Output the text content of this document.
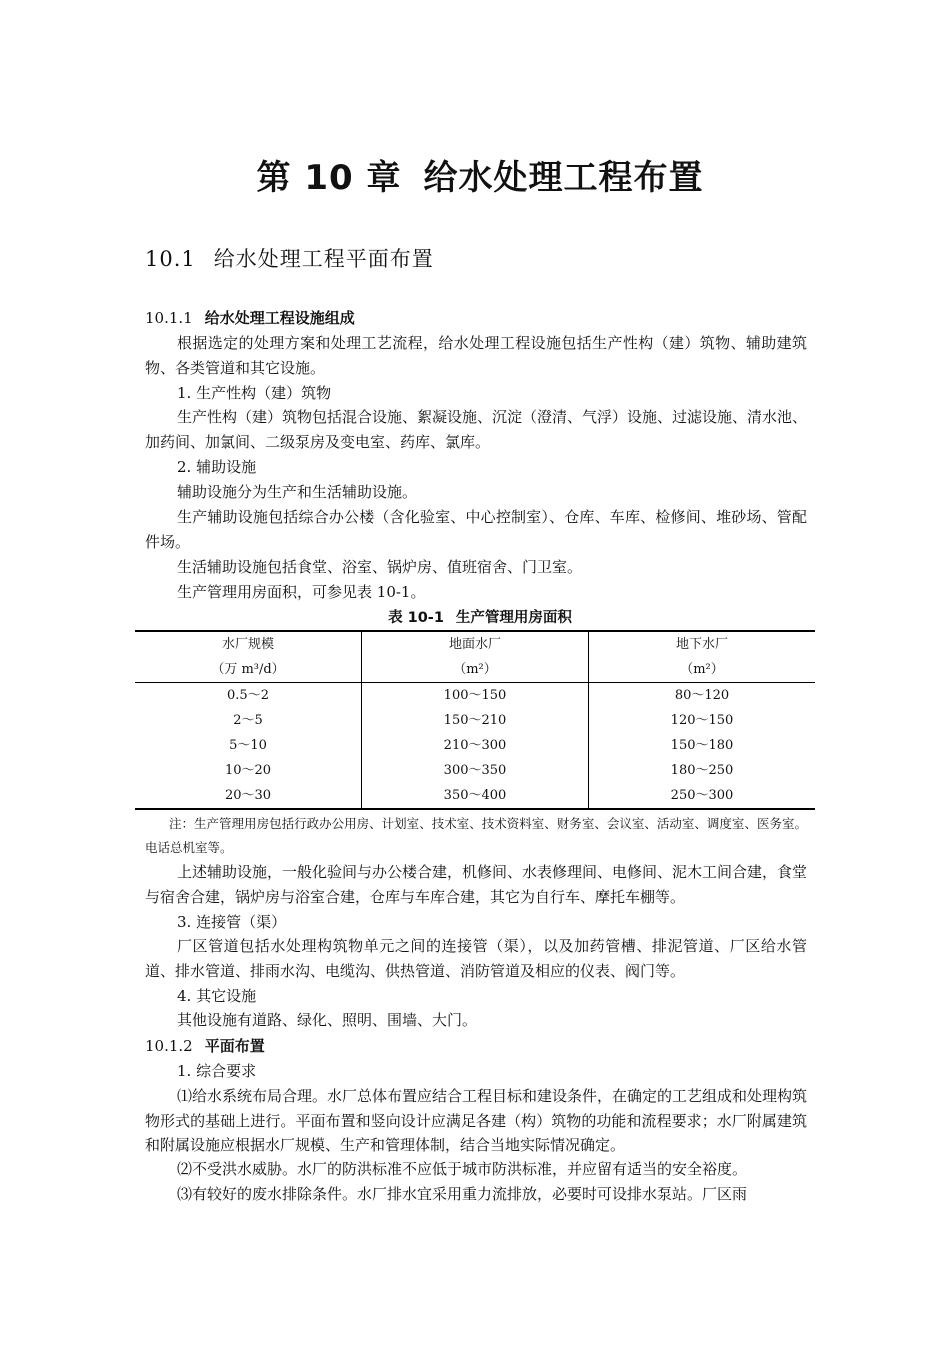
第 10 章 给水处理工程布置
10.1 给水处理工程平面布置
10.1.1 给水处理工程设施组成
根据选定的处理方案和处理工艺流程，给水处理工程设施包括生产性构（建）筑物、辅助建筑物、各类管道和其它设施。
1. 生产性构（建）筑物
生产性构（建）筑物包括混合设施、絮凝设施、沉淀（澄清、气浮）设施、过滤设施、清水池、加药间、加氯间、二级泵房及变电室、药库、氯库。
2. 辅助设施
辅助设施分为生产和生活辅助设施。
生产辅助设施包括综合办公楼（含化验室、中心控制室）、仓库、车库、检修间、堆砂场、管配件场。
生活辅助设施包括食堂、浴室、锅炉房、值班宿舍、门卫室。
生产管理用房面积，可参见表 10-1。
表 10-1 生产管理用房面积
水厂规模	地面水厂	地下水厂
（万 m³/d）	（m²）	（m²）
0.5～2	100～150	80～120
2～5	150～210	120～150
5～10	210～300	150～180
10～20	300～350	180～250
20～30	350～400	250～300
注：生产管理用房包括行政办公用房、计划室、技术室、技术资料室、财务室、会议室、活动室、调度室、医务室。电话总机室等。
上述辅助设施，一般化验间与办公楼合建，机修间、水表修理间、电修间、泥木工间合建，食堂与宿舍合建，锅炉房与浴室合建，仓库与车库合建，其它为自行车、摩托车棚等。
3. 连接管（渠）
厂区管道包括水处理构筑物单元之间的连接管（渠），以及加药管槽、排泥管道、厂区给水管道、排水管道、排雨水沟、电缆沟、供热管道、消防管道及相应的仪表、阀门等。
4. 其它设施
其他设施有道路、绿化、照明、围墙、大门。
10.1.2 平面布置
1. 综合要求
⑴给水系统布局合理。水厂总体布置应结合工程目标和建设条件，在确定的工艺组成和处理构筑物形式的基础上进行。平面布置和竖向设计应满足各建（构）筑物的功能和流程要求；水厂附属建筑和附属设施应根据水厂规模、生产和管理体制，结合当地实际情况确定。
⑵不受洪水威胁。水厂的防洪标准不应低于城市防洪标准，并应留有适当的安全裕度。
⑶有较好的废水排除条件。水厂排水宜采用重力流排放，必要时可设排水泵站。厂区雨
